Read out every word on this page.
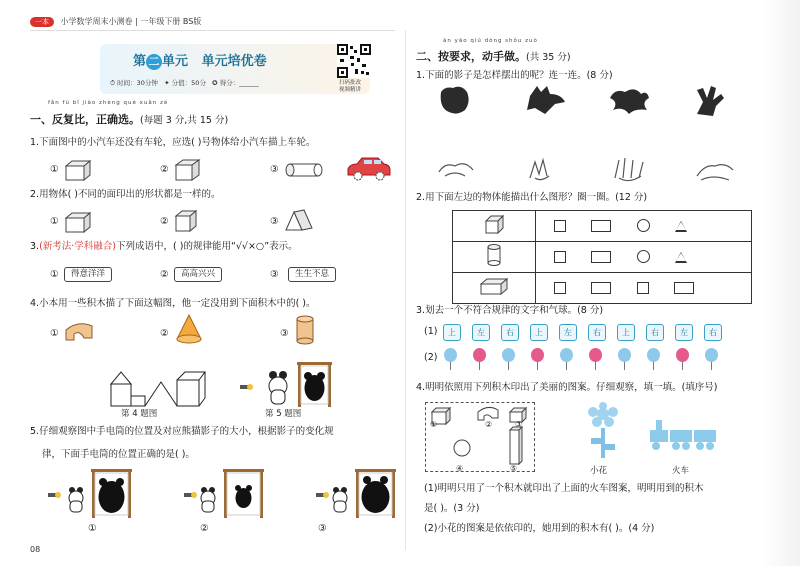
一本 小学数学周末小测卷 | 一年级下册 BS版
第 二 单元 单元培优卷
⏱ 时间：30分钟 ✦ 分值：50分 ✪ 得分：______	扫码批改
视频精讲
fǎn fù bǐ jiào zhèng què xuǎn zé
一、反复比，正确选。(每题 3 分,共 15 分)
1.下面图中的小汽车还没有车轮，应选( )号物体给小汽车描上车轮。
①	②	③
2.用物体( )不同的面印出的形状都是一样的。
①	②	③
3.(新考法·学科融合)下列成语中，( )的规律能用“√√×○”表示。
①	得意洋洋	②	高高兴兴	③	生生不息
4.小本用一些积木描了下面这幅图，他一定没用到下面积木中的( )。
①	②	③
第 4 题图	第 5 题图
5.仔细观察图中手电筒的位置及对应熊猫影子的大小，根据影子的变化规
律，下面手电筒的位置正确的是( )。
①	②	③
08
àn yāo qiú dòng shǒu zuò
二、按要求，动手做。(共 35 分)
1.下面的影子是怎样摆出的呢？连一连。(8 分)
2.用下面左边的物体能描出什么图形？圈一圈。(12 分)

3.划去一个不符合规律的文字和气球。(8 分)
(1)	上	左	右	上	左	右	上	右	左	右
(2)
4.明明依照用下列积木印出了美丽的图案。仔细观察，填一填。(填序号)
①	②	③
④	⑤	小花	火车
(1)明明只用了一个积木就印出了上面的火车图案，明明用到的积木
是( )。(3 分)
(2)小花的图案是依依印的，她用到的积木有( )。(4 分)
